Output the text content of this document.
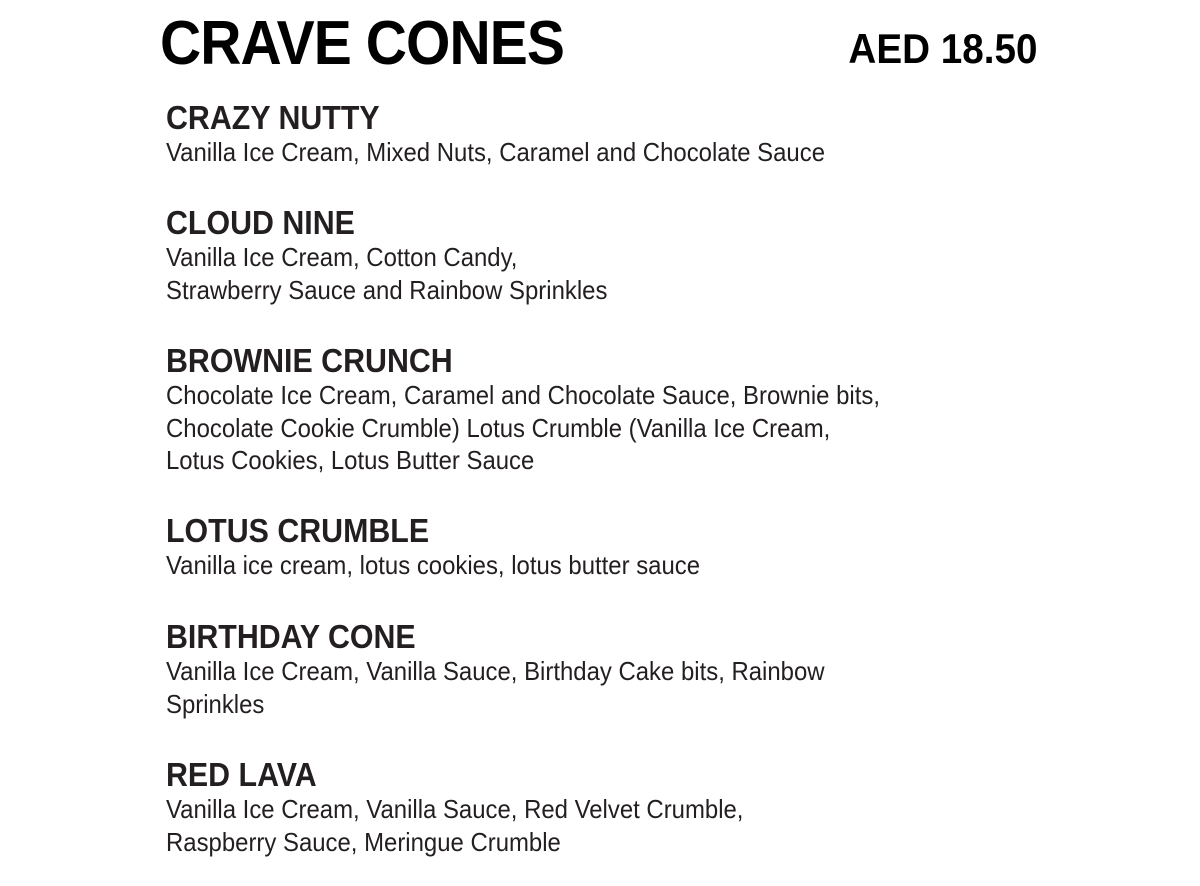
CRAVE CONES	AED 18.50
CRAZY NUTTY
Vanilla Ice Cream, Mixed Nuts, Caramel and Chocolate Sauce
CLOUD NINE
Vanilla Ice Cream, Cotton Candy,
Strawberry Sauce and Rainbow Sprinkles
BROWNIE CRUNCH
Chocolate Ice Cream, Caramel and Chocolate Sauce, Brownie bits,
Chocolate Cookie Crumble) Lotus Crumble (Vanilla Ice Cream,
Lotus Cookies, Lotus Butter Sauce
LOTUS CRUMBLE
Vanilla ice cream, lotus cookies, lotus butter sauce
BIRTHDAY CONE
Vanilla Ice Cream, Vanilla Sauce, Birthday Cake bits, Rainbow
Sprinkles
RED LAVA
Vanilla Ice Cream, Vanilla Sauce, Red Velvet Crumble,
Raspberry Sauce, Meringue Crumble
